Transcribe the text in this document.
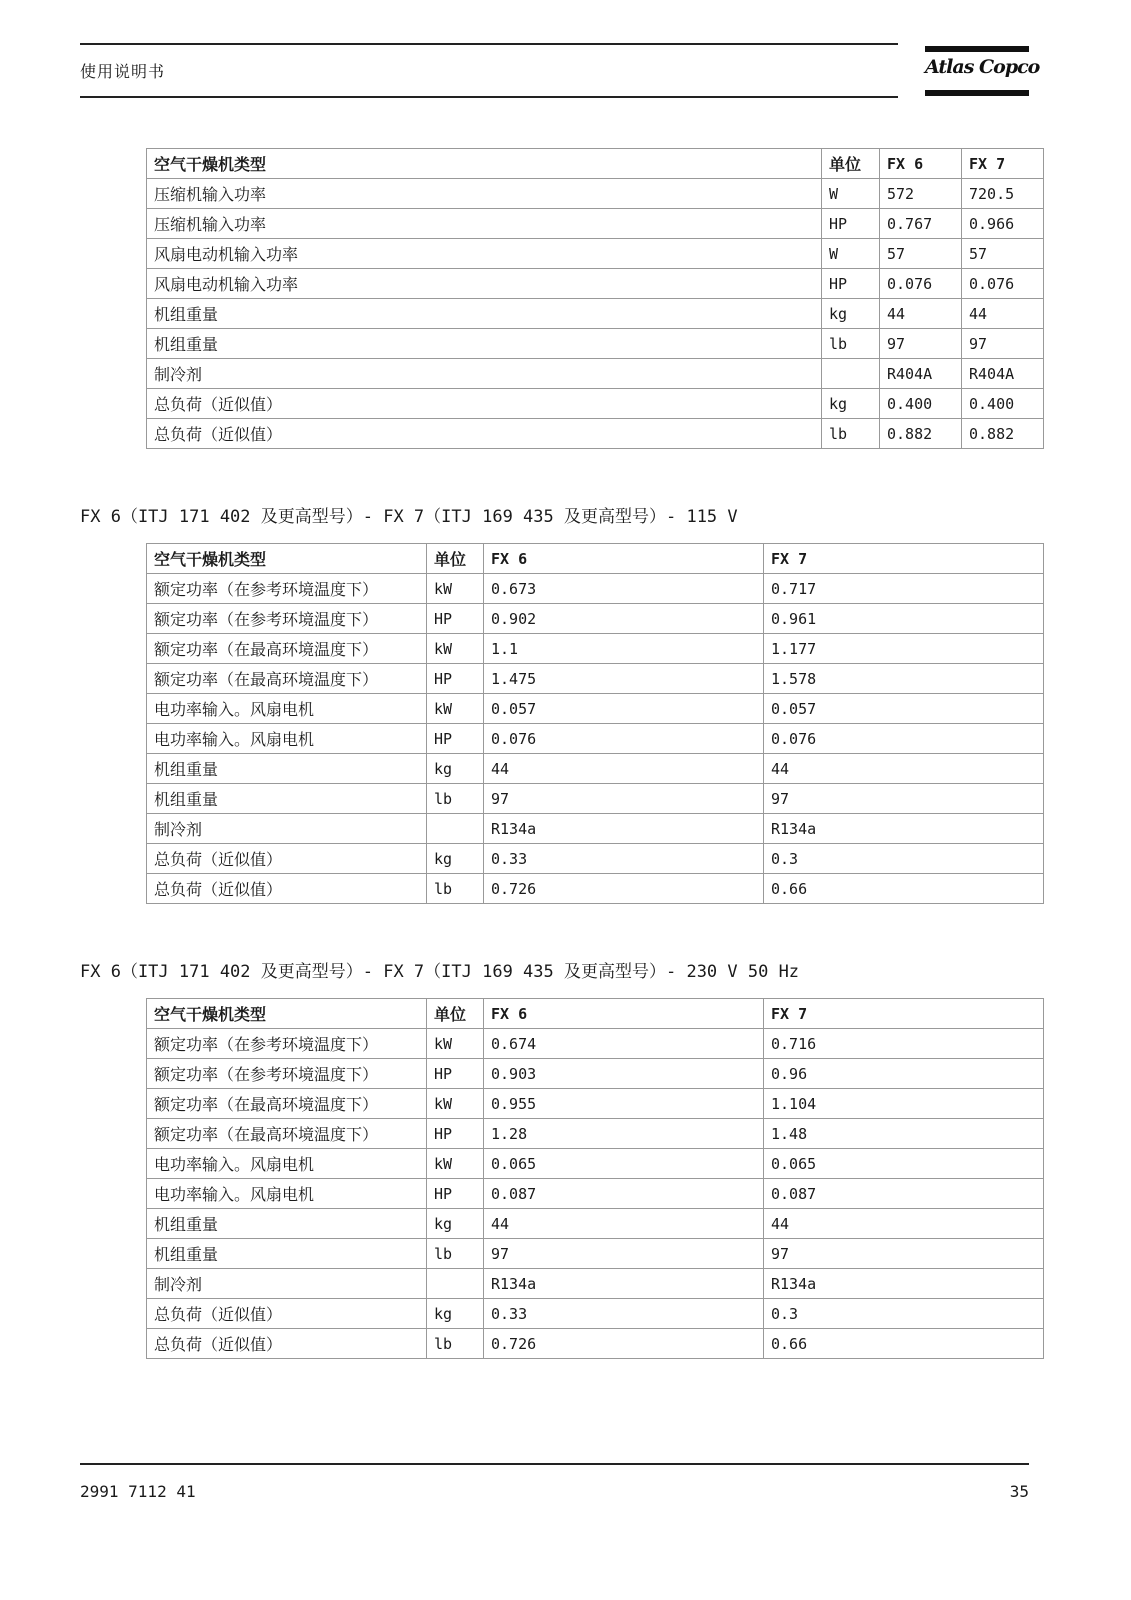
使用说明书	Atlas Copco
空气干燥机类型	单位	FX 6	FX 7
压缩机输入功率	W	572	720.5
压缩机输入功率	HP	0.767	0.966
风扇电动机输入功率	W	57	57
风扇电动机输入功率	HP	0.076	0.076
机组重量	kg	44	44
机组重量	lb	97	97
制冷剂		R404A	R404A
总负荷（近似值）	kg	0.400	0.400
总负荷（近似值）	lb	0.882	0.882
FX 6（ITJ 171 402 及更高型号）- FX 7（ITJ 169 435 及更高型号）- 115 V
空气干燥机类型	单位	FX 6	FX 7
额定功率（在参考环境温度下）	kW	0.673	0.717
额定功率（在参考环境温度下）	HP	0.902	0.961
额定功率（在最高环境温度下）	kW	1.1	1.177
额定功率（在最高环境温度下）	HP	1.475	1.578
电功率输入。风扇电机	kW	0.057	0.057
电功率输入。风扇电机	HP	0.076	0.076
机组重量	kg	44	44
机组重量	lb	97	97
制冷剂		R134a	R134a
总负荷（近似值）	kg	0.33	0.3
总负荷（近似值）	lb	0.726	0.66
FX 6（ITJ 171 402 及更高型号）- FX 7（ITJ 169 435 及更高型号）- 230 V 50 Hz
空气干燥机类型	单位	FX 6	FX 7
额定功率（在参考环境温度下）	kW	0.674	0.716
额定功率（在参考环境温度下）	HP	0.903	0.96
额定功率（在最高环境温度下）	kW	0.955	1.104
额定功率（在最高环境温度下）	HP	1.28	1.48
电功率输入。风扇电机	kW	0.065	0.065
电功率输入。风扇电机	HP	0.087	0.087
机组重量	kg	44	44
机组重量	lb	97	97
制冷剂		R134a	R134a
总负荷（近似值）	kg	0.33	0.3
总负荷（近似值）	lb	0.726	0.66
2991 7112 41	35
